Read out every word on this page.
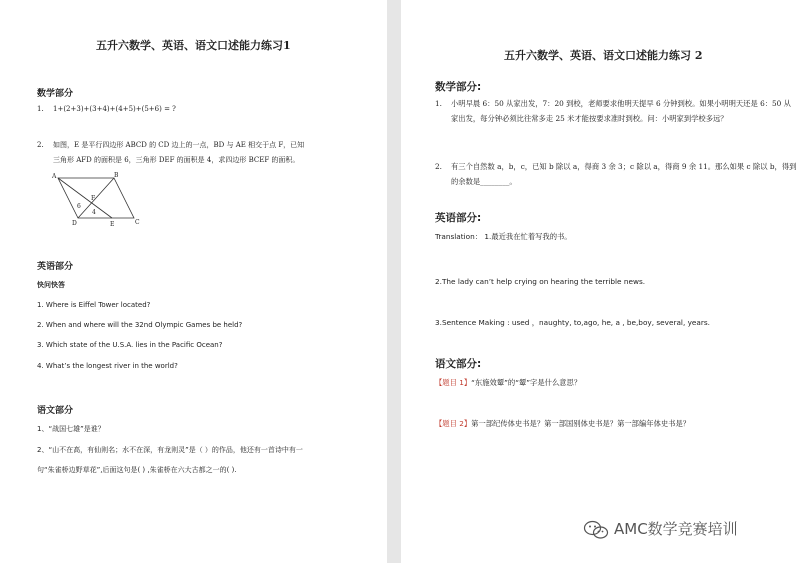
五升六数学、英语、语文口述能力练习1
数学部分
1. 1+(2+3)+(3+4)+(4+5)+(5+6) = ?
2. 如图，E 是平行四边形 ABCD 的 CD 边上的一点，BD 与 AE 相交于点 F，已知
三角形 AFD 的面积是 6，三角形 DEF 的面积是 4，求四边形 BCEF 的面积。
A	B
C
D	E
F
6
4
英语部分
快问快答
1. Where is Eiffel Tower located?
2. When and where will the 32nd Olympic Games be held?
3. Which state of the U.S.A. lies in the Pacific Ocean?
4. What’s the longest river in the world?
语文部分
1、“战国七雄”是谁？
2、“山不在高，有仙则名；水不在深，有龙则灵”是（ ）的作品，他还有一首诗中有一
句“朱雀桥边野草花”,后面这句是( ) ,朱雀桥在六大古都之一的( ).
五升六数学、英语、语文口述能力练习 2
数学部分:
1. 小明早晨 6：50 从家出发，7：20 到校，老师要求他明天提早 6 分钟到校。如果小明明天还是 6：50 从
家出发，每分钟必须比往常多走 25 米才能按要求准时到校。问：小明家到学校多远？
2. 有三个自然数 a，b，c，已知 b 除以 a，得商 3 余 3；c 除以 a，得商 9 余 11。那么如果 c 除以 b，得到
的余数是________。
英语部分:
Translation： 1.最近我在忙着写我的书。
2.The lady can’t help crying on hearing the terrible news.
3.Sentence Making : used ，naughty, to,ago, he, a , be,boy, several, years.
语文部分:
【题目 1】“东施效颦”的“颦”字是什么意思？
【题目 2】第一部纪传体史书是？第一部国别体史书是？第一部编年体史书是？
AMC数学竞赛培训
